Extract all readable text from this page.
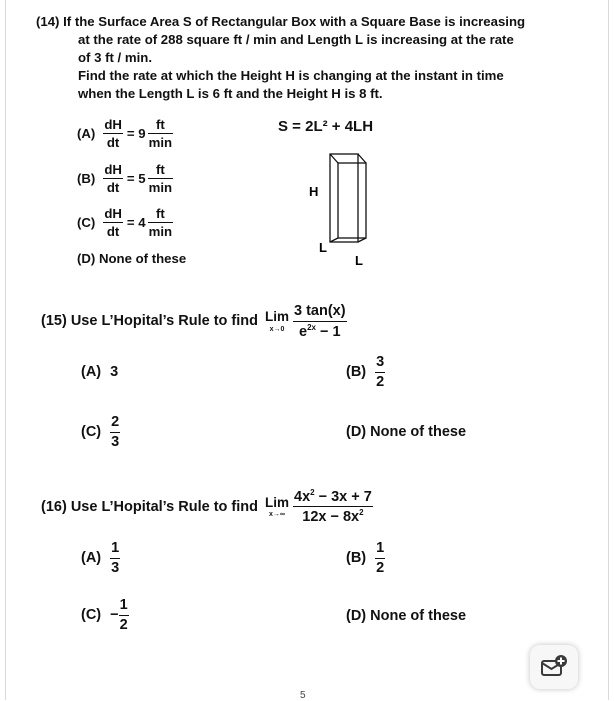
(14) If the Surface Area S of Rectangular Box with a Square Base is increasing
at the rate of 288 square ft / min and Length L is increasing at the rate
of 3 ft / min.
Find the rate at which the Height H is changing at the instant in time
when the Length L is 6 ft and the Height H is 8 ft.
$(A) \frac{dH}{dt} = 9 \frac{ft}{\min}$
$(B) \frac{dH}{dt} = 5 \frac{ft}{\min}$
$(C) \frac{dH}{dt} = 4 \frac{ft}{\min}$
(D) None of these
S = 2L² + 4LH
H
L
L
(15) Use L’Hopital’s Rule to find Lim
$x\to 0 \frac{3 \tan(x)}{e^{2x} - 1}$
(A) 3	$(B) \frac{3}{2}$
$(C) \frac{2}{3}$	(D) None of these
(16) Use L’Hopital’s Rule to find Lim
$x\to\infty \frac{4x^2 - 3x + 7}{12x - 8x^2}$
$(A) \frac{1}{3}$	$(B) \frac{1}{2}$
$(C) - \frac{1}{2}$	(D) None of these
5
